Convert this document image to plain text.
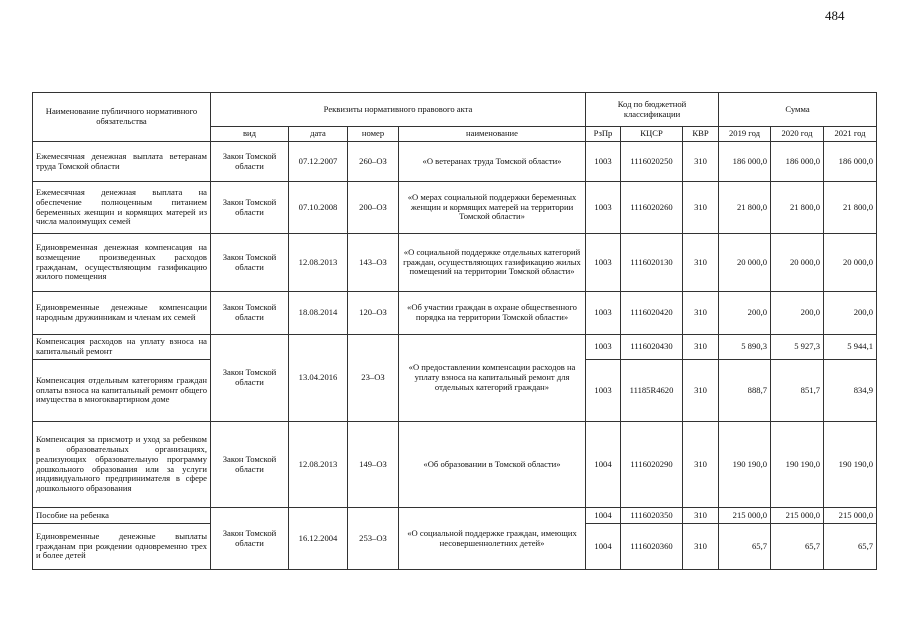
484
Наименование публичного нормативного обязательства	Реквизиты нормативного правового акта				Код по бюджетной классификации			Сумма		
	вид	дата	номер	наименование	РзПр	КЦСР	КВР	2019 год	2020 год	2021 год
Ежемесячная денежная выплата ветеранам труда Томской области	Закон Томской области	07.12.2007	260–ОЗ	«О ветеранах труда Томской области»	1003	1116020250	310	186 000,0	186 000,0	186 000,0
Ежемесячная денежная выплата на обеспечение полноценным питанием беременных женщин и кормящих матерей из числа малоимущих семей	Закон Томской области	07.10.2008	200–ОЗ	«О мерах социальной поддержки беременных женщин и кормящих матерей на территории Томской области»	1003	1116020260	310	21 800,0	21 800,0	21 800,0
Единовременная денежная компенсация на возмещение произведенных расходов гражданам, осуществляющим газификацию жилого помещения	Закон Томской области	12.08.2013	143–ОЗ	«О социальной поддержке отдельных категорий граждан, осуществляющих газификацию жилых помещений на территории Томской области»	1003	1116020130	310	20 000,0	20 000,0	20 000,0
Единовременные денежные компенсации народным дружинникам и членам их семей	Закон Томской области	18.08.2014	120–ОЗ	«Об участии граждан в охране общественного порядка на территории Томской области»	1003	1116020420	310	200,0	200,0	200,0
Компенсация расходов на уплату взноса на капитальный ремонт	Закон Томской области	13.04.2016	23–ОЗ	«О предоставлении компенсации расходов на уплату взноса на капитальный ремонт для отдельных категорий граждан»	1003	1116020430	310	5 890,3	5 927,3	5 944,1
Компенсация отдельным категориям граждан оплаты взноса на капитальный ремонт общего имущества в многоквартирном доме					1003	11185R4620	310	888,7	851,7	834,9
Компенсация за присмотр и уход за ребенком в образовательных организациях, реализующих образовательную программу дошкольного образования или за услуги индивидуального предпринимателя в сфере дошкольного образования	Закон Томской области	12.08.2013	149–ОЗ	«Об образовании в Томской области»	1004	1116020290	310	190 190,0	190 190,0	190 190,0
Пособие на ребенка	Закон Томской области	16.12.2004	253–ОЗ	«О социальной поддержке граждан, имеющих несовершеннолетних детей»	1004	1116020350	310	215 000,0	215 000,0	215 000,0
Единовременные денежные выплаты гражданам при рождении одновременно трех и более детей					1004	1116020360	310	65,7	65,7	65,7
